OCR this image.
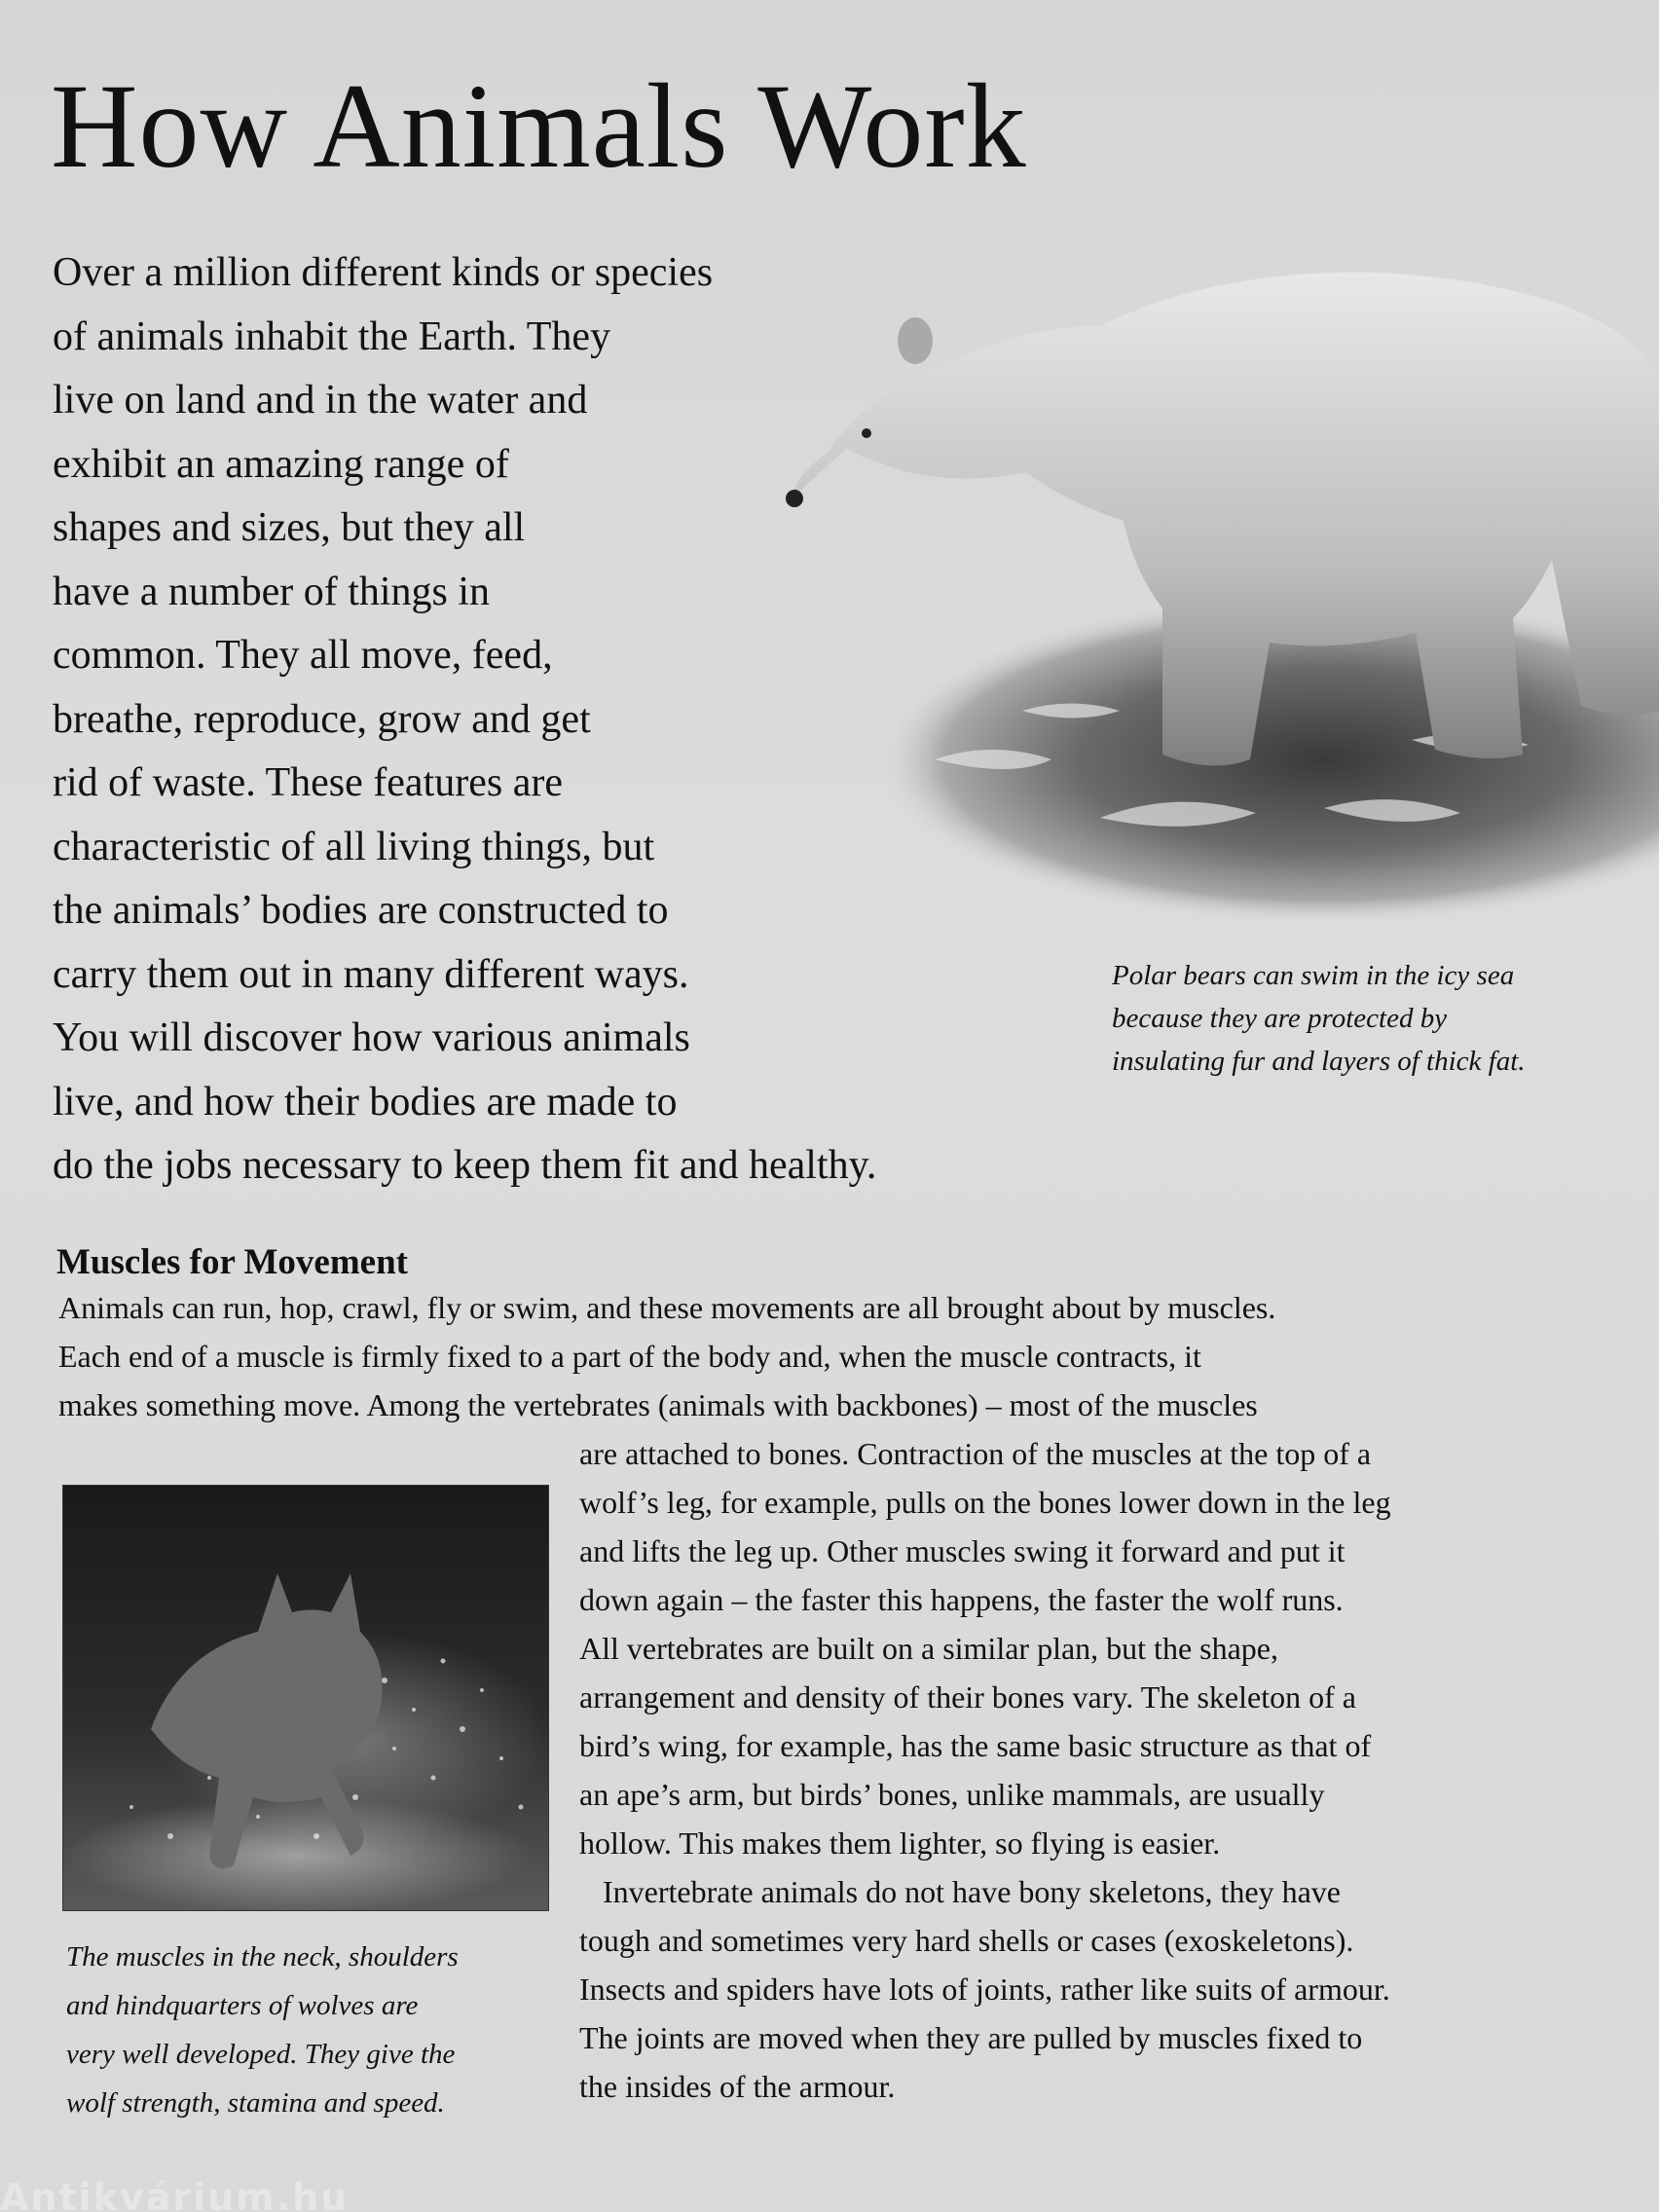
How Animals Work
Over a million different kinds or species
of animals inhabit the Earth. They
live on land and in the water and
exhibit an amazing range of
shapes and sizes, but they all
have a number of things in
common. They all move, feed,
breathe, reproduce, grow and get
rid of waste. These features are
characteristic of all living things, but
the animals’ bodies are constructed to
carry them out in many different ways.
You will discover how various animals
live, and how their bodies are made to
do the jobs necessary to keep them fit and healthy.
Polar bears can swim in the icy sea
because they are protected by
insulating fur and layers of thick fat.
Muscles for Movement
Animals can run, hop, crawl, fly or swim, and these movements are all brought about by muscles.
Each end of a muscle is firmly fixed to a part of the body and, when the muscle contracts, it
makes something move. Among the vertebrates (animals with backbones) – most of the muscles
are attached to bones. Contraction of the muscles at the top of a
wolf’s leg, for example, pulls on the bones lower down in the leg
and lifts the leg up. Other muscles swing it forward and put it
down again – the faster this happens, the faster the wolf runs.
All vertebrates are built on a similar plan, but the shape,
arrangement and density of their bones vary. The skeleton of a
bird’s wing, for example, has the same basic structure as that of
an ape’s arm, but birds’ bones, unlike mammals, are usually
hollow. This makes them lighter, so flying is easier.
Invertebrate animals do not have bony skeletons, they have
tough and sometimes very hard shells or cases (exoskeletons).
Insects and spiders have lots of joints, rather like suits of armour.
The joints are moved when they are pulled by muscles fixed to
the insides of the armour.
The muscles in the neck, shoulders
and hindquarters of wolves are
very well developed. They give the
wolf strength, stamina and speed.
Antikvárium.hu
